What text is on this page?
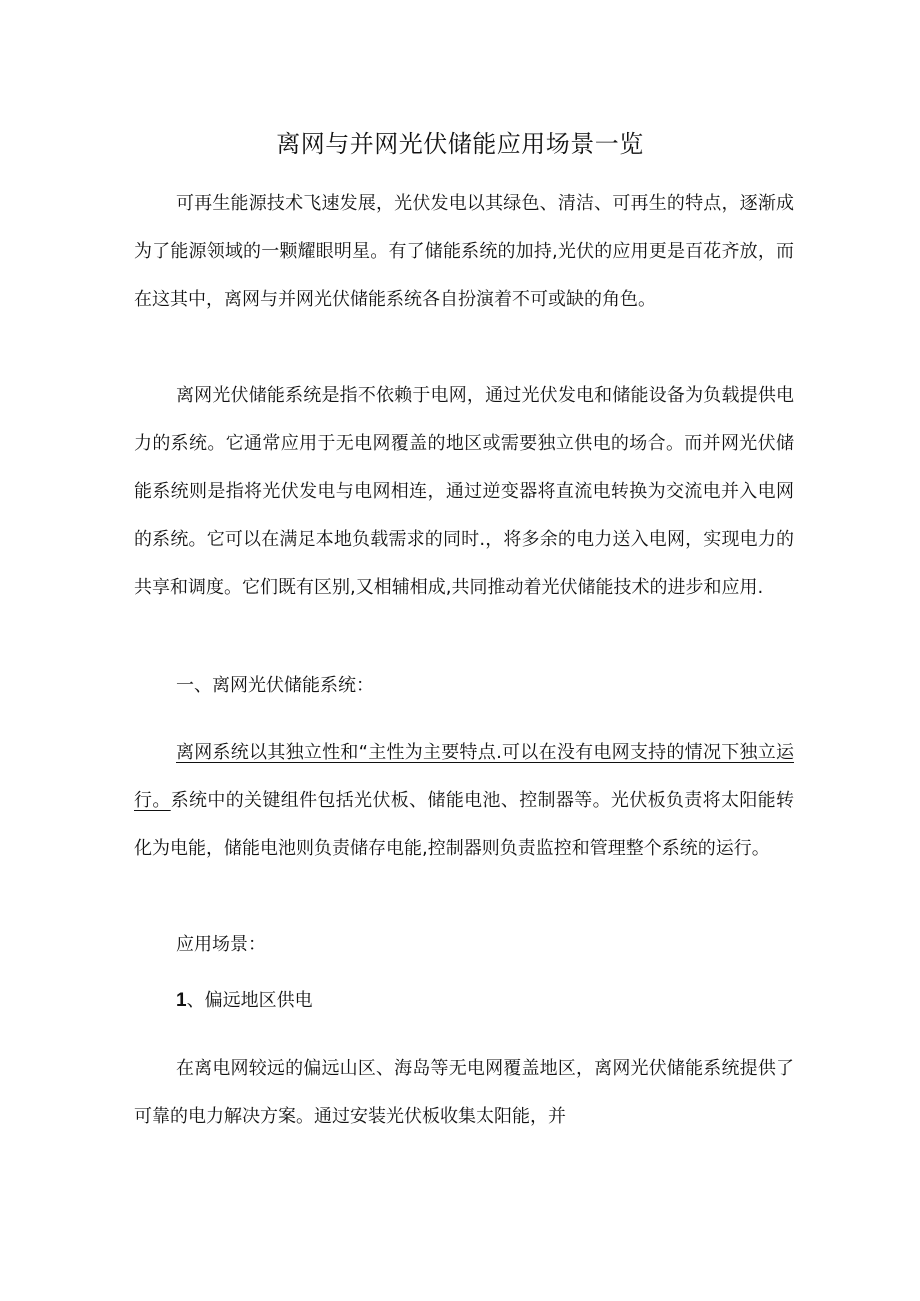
离网与并网光伏储能应用场景一览

可再生能源技术飞速发展，光伏发电以其绿色、清洁、可再生的特点，逐渐成为了能源领域的一颗耀眼明星。有了储能系统的加持,光伏的应用更是百花齐放，而在这其中，离网与并网光伏储能系统各自扮演着不可或缺的角色。

离网光伏储能系统是指不依赖于电网，通过光伏发电和储能设备为负载提供电力的系统。它通常应用于无电网覆盖的地区或需要独立供电的场合。而并网光伏储能系统则是指将光伏发电与电网相连，通过逆变器将直流电转换为交流电并入电网的系统。它可以在满足本地负载需求的同时.，将多余的电力送入电网，实现电力的共享和调度。它们既有区别,又相辅相成,共同推动着光伏储能技术的进步和应用.

一、离网光伏储能系统：

离网系统以其独立性和“主性为主要特点.可以在没有电网支持的情况下独立运行。系统中的关键组件包括光伏板、储能电池、控制器等。光伏板负责将太阳能转化为电能，储能电池则负责储存电能,控制器则负责监控和管理整个系统的运行。

应用场景：

1、偏远地区供电

在离电网较远的偏远山区、海岛等无电网覆盖地区，离网光伏储能系统提供了可靠的电力解决方案。通过安装光伏板收集太阳能，并
